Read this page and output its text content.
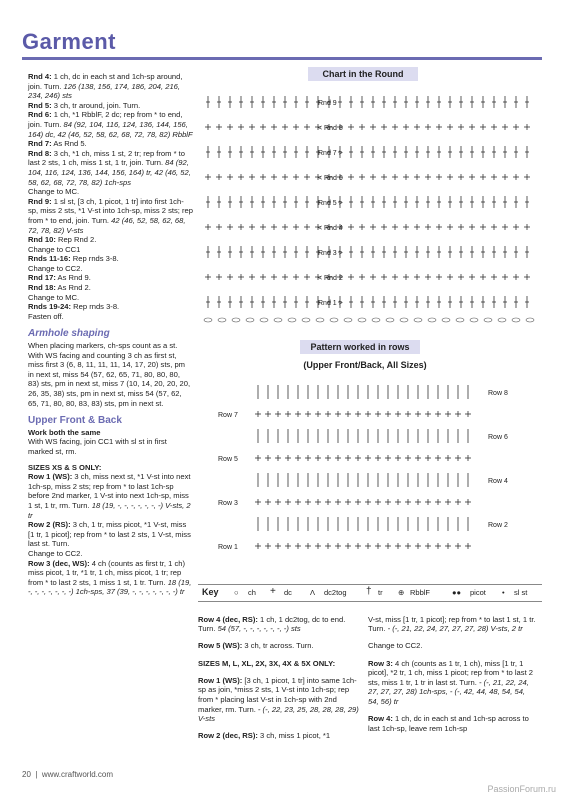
Garment

Rnd 4: 1 ch, dc in each st and 1ch-sp around, join. Turn. 126 (138, 156, 174, 186, 204, 216, 234, 246) sts

Rnd 5: 3 ch, tr around, join. Turn.

Rnd 6: 1 ch, *1 RbblF, 2 dc; rep from * to end, join. Turn. 84 (92, 104, 116, 124, 136, 144, 156, 164) dc, 42 (46, 52, 58, 62, 68, 72, 78, 82) RbblF

Rnd 7: As Rnd 5.

Rnd 8: 3 ch, *1 ch, miss 1 st, 2 tr; rep from * to last 2 sts, 1 ch, miss 1 st, 1 tr, join. Turn. 84 (92, 104, 116, 124, 136, 144, 156, 164) tr, 42 (46, 52, 58, 62, 68, 72, 78, 82) 1ch-sps

Change to MC.

Rnd 9: 1 sl st, [3 ch, 1 picot, 1 tr] into first 1ch-sp, miss 2 sts, *1 V-st into 1ch-sp, miss 2 sts; rep from * to end, join. Turn. 42 (46, 52, 58, 62, 68, 72, 78, 82) V-sts

Rnd 10: Rep Rnd 2.

Change to CC1

Rnds 11-16: Rep rnds 3-8.

Change to CC2.

Rnd 17: As Rnd 9.

Rnd 18: As Rnd 2.

Change to MC.

Rnds 19-24: Rep rnds 3-8.

Fasten off.

Armhole shaping

When placing markers, ch-sps count as a st. With WS facing and counting 3 ch as first st, miss first 3 (6, 8, 11, 11, 11, 14, 17, 20) sts, pm in next st, miss 54 (57, 62, 65, 71, 80, 80, 80, 83) sts, pm in next st, miss 7 (10, 14, 20, 20, 20, 26, 35, 38) sts, pm in next st, miss 54 (57, 62, 65, 71, 80, 80, 83, 83) sts, pm in next st.

Upper Front & Back

Work both the same

With WS facing, join CC1 with sl st in first marked st, rm.

SIZES XS & S ONLY:

Row 1 (WS): 3 ch, miss next st, *1 V-st into next 1ch-sp, miss 2 sts; rep from * to last 1ch-sp before 2nd marker, 1 V-st into next 1ch-sp, miss 1 st, 1 tr, rm. Turn. 18 (19, -, -, -, -, -, -, -) V-sts, 2 tr

Row 2 (RS): 3 ch, 1 tr, miss picot, *1 V-st, miss [1 tr, 1 picot]; rep from * to last 2 sts, 1 V-st, miss last st. Turn.

Change to CC2.

Row 3 (dec, WS): 4 ch (counts as first tr, 1 ch) miss picot, 1 tr, *1 tr, 1 ch, miss picot, 1 tr; rep from * to last 2 sts, 1 miss 1 st, 1 tr. Turn. 18 (19, -, -, -, -, -, -, -) 1ch-sps, 37 (39, -, -, -, -, -, -, -) tr

Chart in the Round
Rnd 9
< Rnd 8
Rnd 7 >
< Rnd 6
Rnd 5 >
< Rnd 4
Rnd 3 >
< Rnd 2
Rnd 1 >
Pattern worked in rows
(Upper Front/Back, All Sizes)
Row 8
Row 7
Row 6
Row 5
Row 4
Row 3
Row 2
Row 1
Key ○ ch + dc Λ dc2tog † tr ⊕ RbblF	●● picot • sl st

Row 4 (dec, RS): 1 ch, 1 dc2tog, dc to end. Turn. 54 (57, -, -, -, -, -, -, -) sts

Row 5 (WS): 3 ch, tr across. Turn.

SIZES M, L, XL, 2X, 3X, 4X & 5X ONLY:

Row 1 (WS): [3 ch, 1 picot, 1 tr] into same 1ch-sp as join, *miss 2 sts, 1 V-st into 1ch-sp; rep from * placing last V-st in 1ch-sp with 2nd marker, rm. Turn. - (-, 22, 23, 25, 28, 28, 28, 29) V-sts

Row 2 (dec, RS): 3 ch, miss 1 picot, *1

V-st, miss [1 tr, 1 picot]; rep from * to last 1 st, 1 tr. Turn. - (-, 21, 22, 24, 27, 27, 27, 28) V-sts, 2 tr

Change to CC2.

Row 3: 4 ch (counts as 1 tr, 1 ch), miss [1 tr, 1 picot], *2 tr, 1 ch, miss 1 picot; rep from * to last 2 sts, miss 1 tr, 1 tr in last st. Turn. - (-, 21, 22, 24, 27, 27, 27, 28) 1ch-sps, - (-, 42, 44, 48, 54, 54, 54, 56) tr

Row 4: 1 ch, dc in each st and 1ch-sp across to last 1ch-sp, leave rem 1ch-sp

20  |  www.craftworld.com
PassionForum.ru
